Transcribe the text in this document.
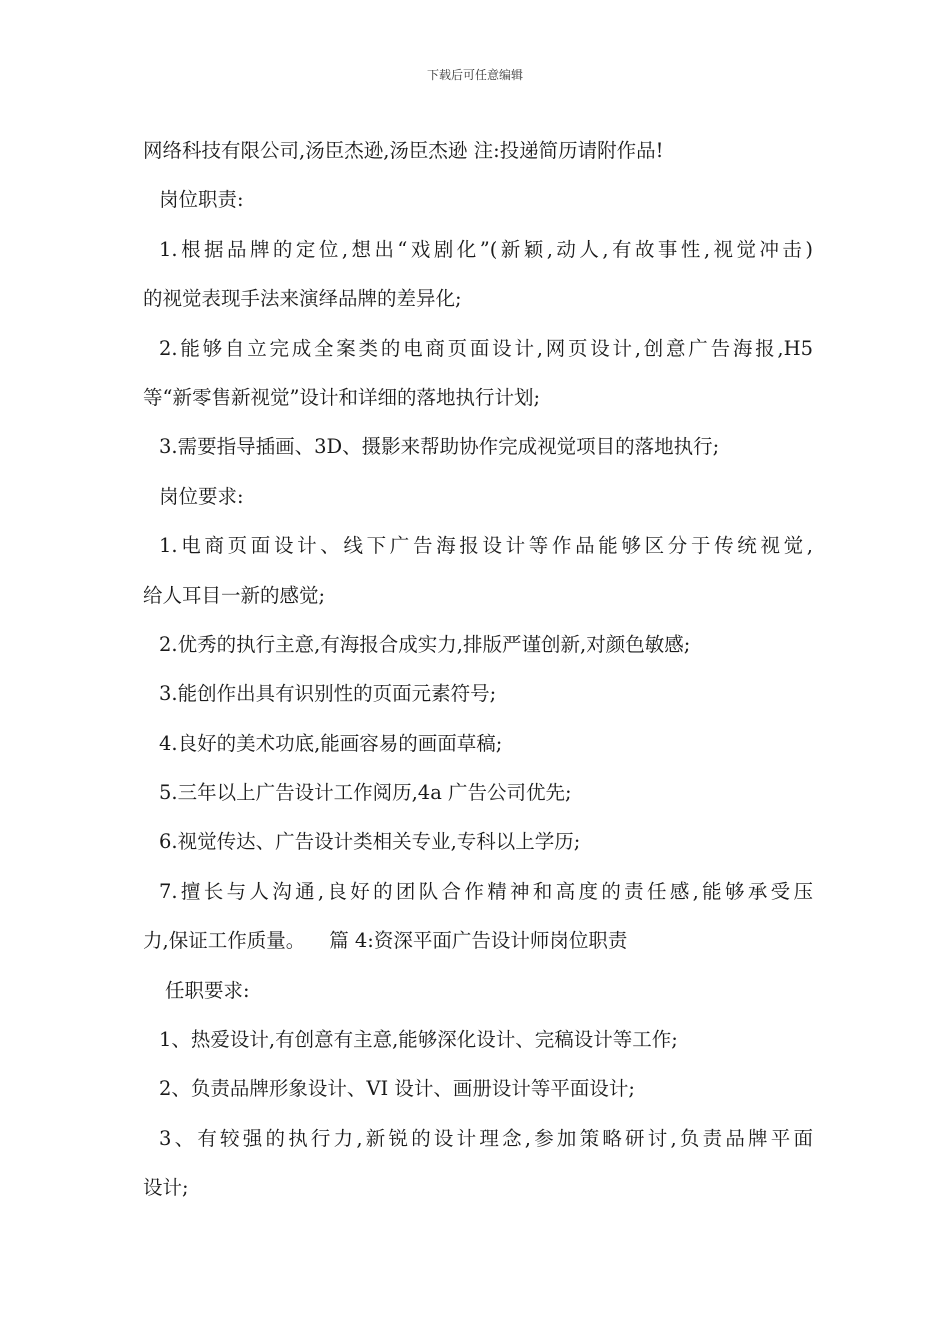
下载后可任意编辑
网络科技有限公司,汤臣杰逊,汤臣杰逊 注:投递简历请附作品!
岗位职责:
1.根据品牌的定位,想出“戏剧化”(新颖,动人,有故事性,视觉冲击)
的视觉表现手法来演绎品牌的差异化;
2.能够自立完成全案类的电商页面设计,网页设计,创意广告海报,H5
等“新零售新视觉”设计和详细的落地执行计划;
3.需要指导插画、3D、摄影来帮助协作完成视觉项目的落地执行;
岗位要求:
1.电商页面设计、线下广告海报设计等作品能够区分于传统视觉,
给人耳目一新的感觉;
2.优秀的执行主意,有海报合成实力,排版严谨创新,对颜色敏感;
3.能创作出具有识别性的页面元素符号;
4.良好的美术功底,能画容易的画面草稿;
5.三年以上广告设计工作阅历,4a 广告公司优先;
6.视觉传达、广告设计类相关专业,专科以上学历;
7.擅长与人沟通,良好的团队合作精神和高度的责任感,能够承受压
力,保证工作质量。 篇 4:资深平面广告设计师岗位职责
任职要求:
1、热爱设计,有创意有主意,能够深化设计、完稿设计等工作;
2、负责品牌形象设计、VI 设计、画册设计等平面设计;
3、有较强的执行力,新锐的设计理念,参加策略研讨,负责品牌平面
设计;
